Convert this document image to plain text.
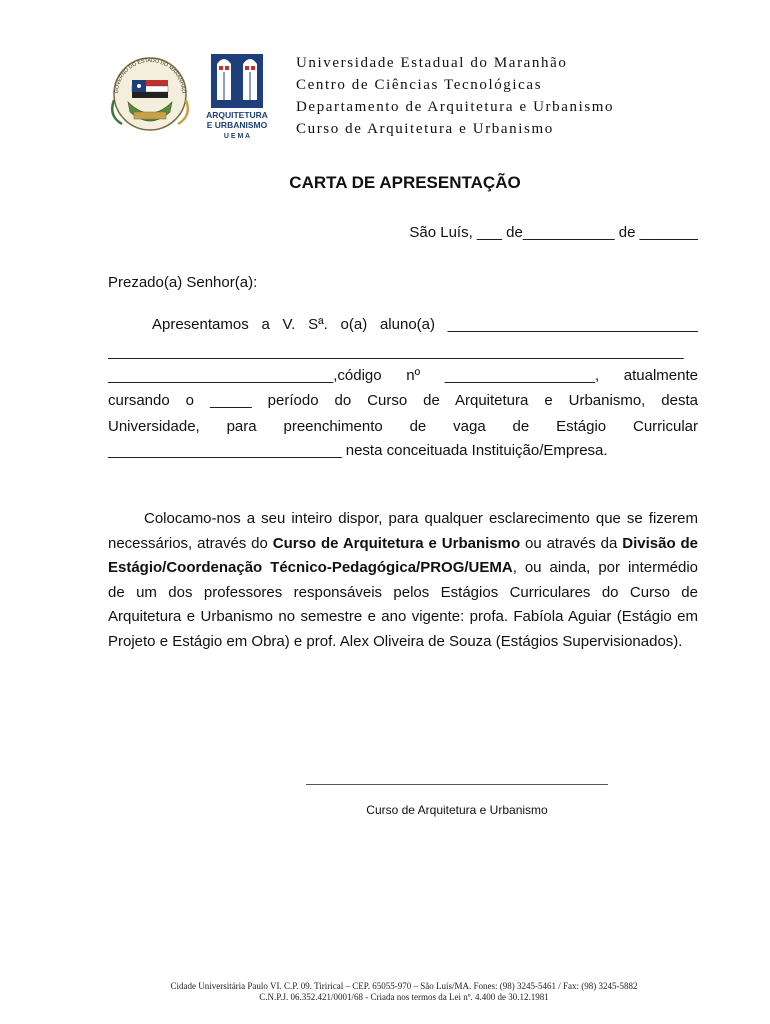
GOVERNO DO ESTADO DO MARANHÃO
ARQUITETURA
E URBANISMO
U E M A
Universidade Estadual do Maranhão
Centro de Ciências Tecnológicas
Departamento de Arquitetura e Urbanismo
Curso de Arquitetura e Urbanismo
CARTA DE APRESENTAÇÃO
São Luís, ___ de___________ de _______
Prezado(a) Senhor(a):
Apresentamos a V. Sª. o(a) aluno(a) ______________________________
_____________________________________________________________________
___________________________,código nº __________________, atualmente
cursando o _____ período do Curso de Arquitetura e Urbanismo, desta
Universidade, para preenchimento de vaga de Estágio Curricular
____________________________ nesta conceituada Instituição/Empresa.
Colocamo-nos a seu inteiro dispor, para qualquer esclarecimento que se fizerem necessários, através do Curso de Arquitetura e Urbanismo ou através da Divisão de Estágio/Coordenação Técnico-Pedagógica/PROG/UEMA, ou ainda, por intermédio de um dos professores responsáveis pelos Estágios Curriculares do Curso de Arquitetura e Urbanismo no semestre e ano vigente: profa. Fabíola Aguiar (Estágio em Projeto e Estágio em Obra) e prof. Alex Oliveira de Souza (Estágios Supervisionados).
Curso de Arquitetura e Urbanismo
Cidade Universitária Paulo VI. C.P. 09. Tirirical – CEP. 65055-970 – São Luís/MA. Fones: (98) 3245-5461 / Fax: (98) 3245-5882
C.N.P.J. 06.352.421/0001/68 - Criada nos termos da Lei nº. 4.400 de 30.12.1981
